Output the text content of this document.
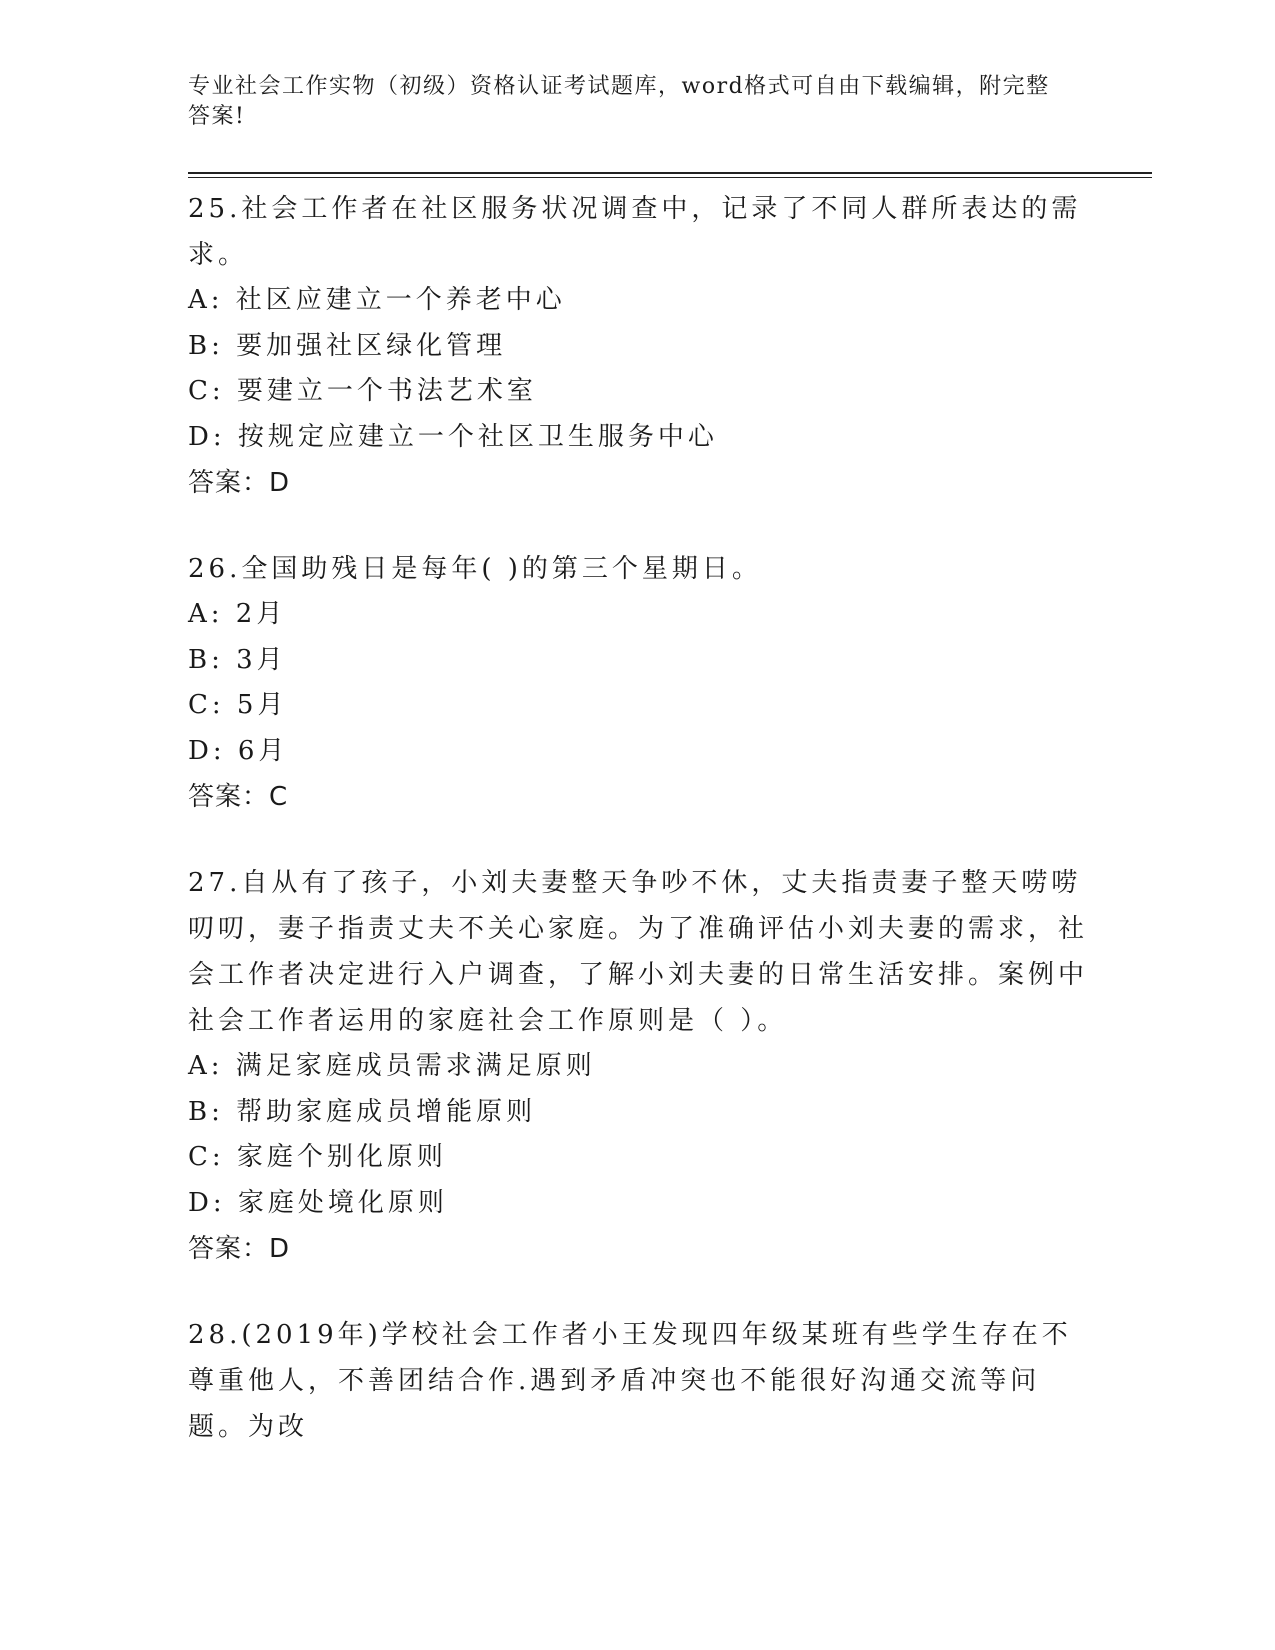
专业社会工作实物（初级）资格认证考试题库，word格式可自由下载编辑，附完整答案!

25.社会工作者在社区服务状况调查中，记录了不同人群所表达的需求。

A: 社区应建立一个养老中心

B: 要加强社区绿化管理

C: 要建立一个书法艺术室

D: 按规定应建立一个社区卫生服务中心

答案：D

26.全国助残日是每年( )的第三个星期日。

A: 2月

B: 3月

C: 5月

D: 6月

答案：C

27.自从有了孩子，小刘夫妻整天争吵不休，丈夫指责妻子整天唠唠叨叨，妻子指责丈夫不关心家庭。为了准确评估小刘夫妻的需求，社会工作者决定进行入户调查，了解小刘夫妻的日常生活安排。案例中社会工作者运用的家庭社会工作原则是（ ）。

A: 满足家庭成员需求满足原则

B: 帮助家庭成员增能原则

C: 家庭个别化原则

D: 家庭处境化原则

答案：D

28.(2019年)学校社会工作者小王发现四年级某班有些学生存在不尊重他人，不善团结合作.遇到矛盾冲突也不能很好沟通交流等问题。为改
